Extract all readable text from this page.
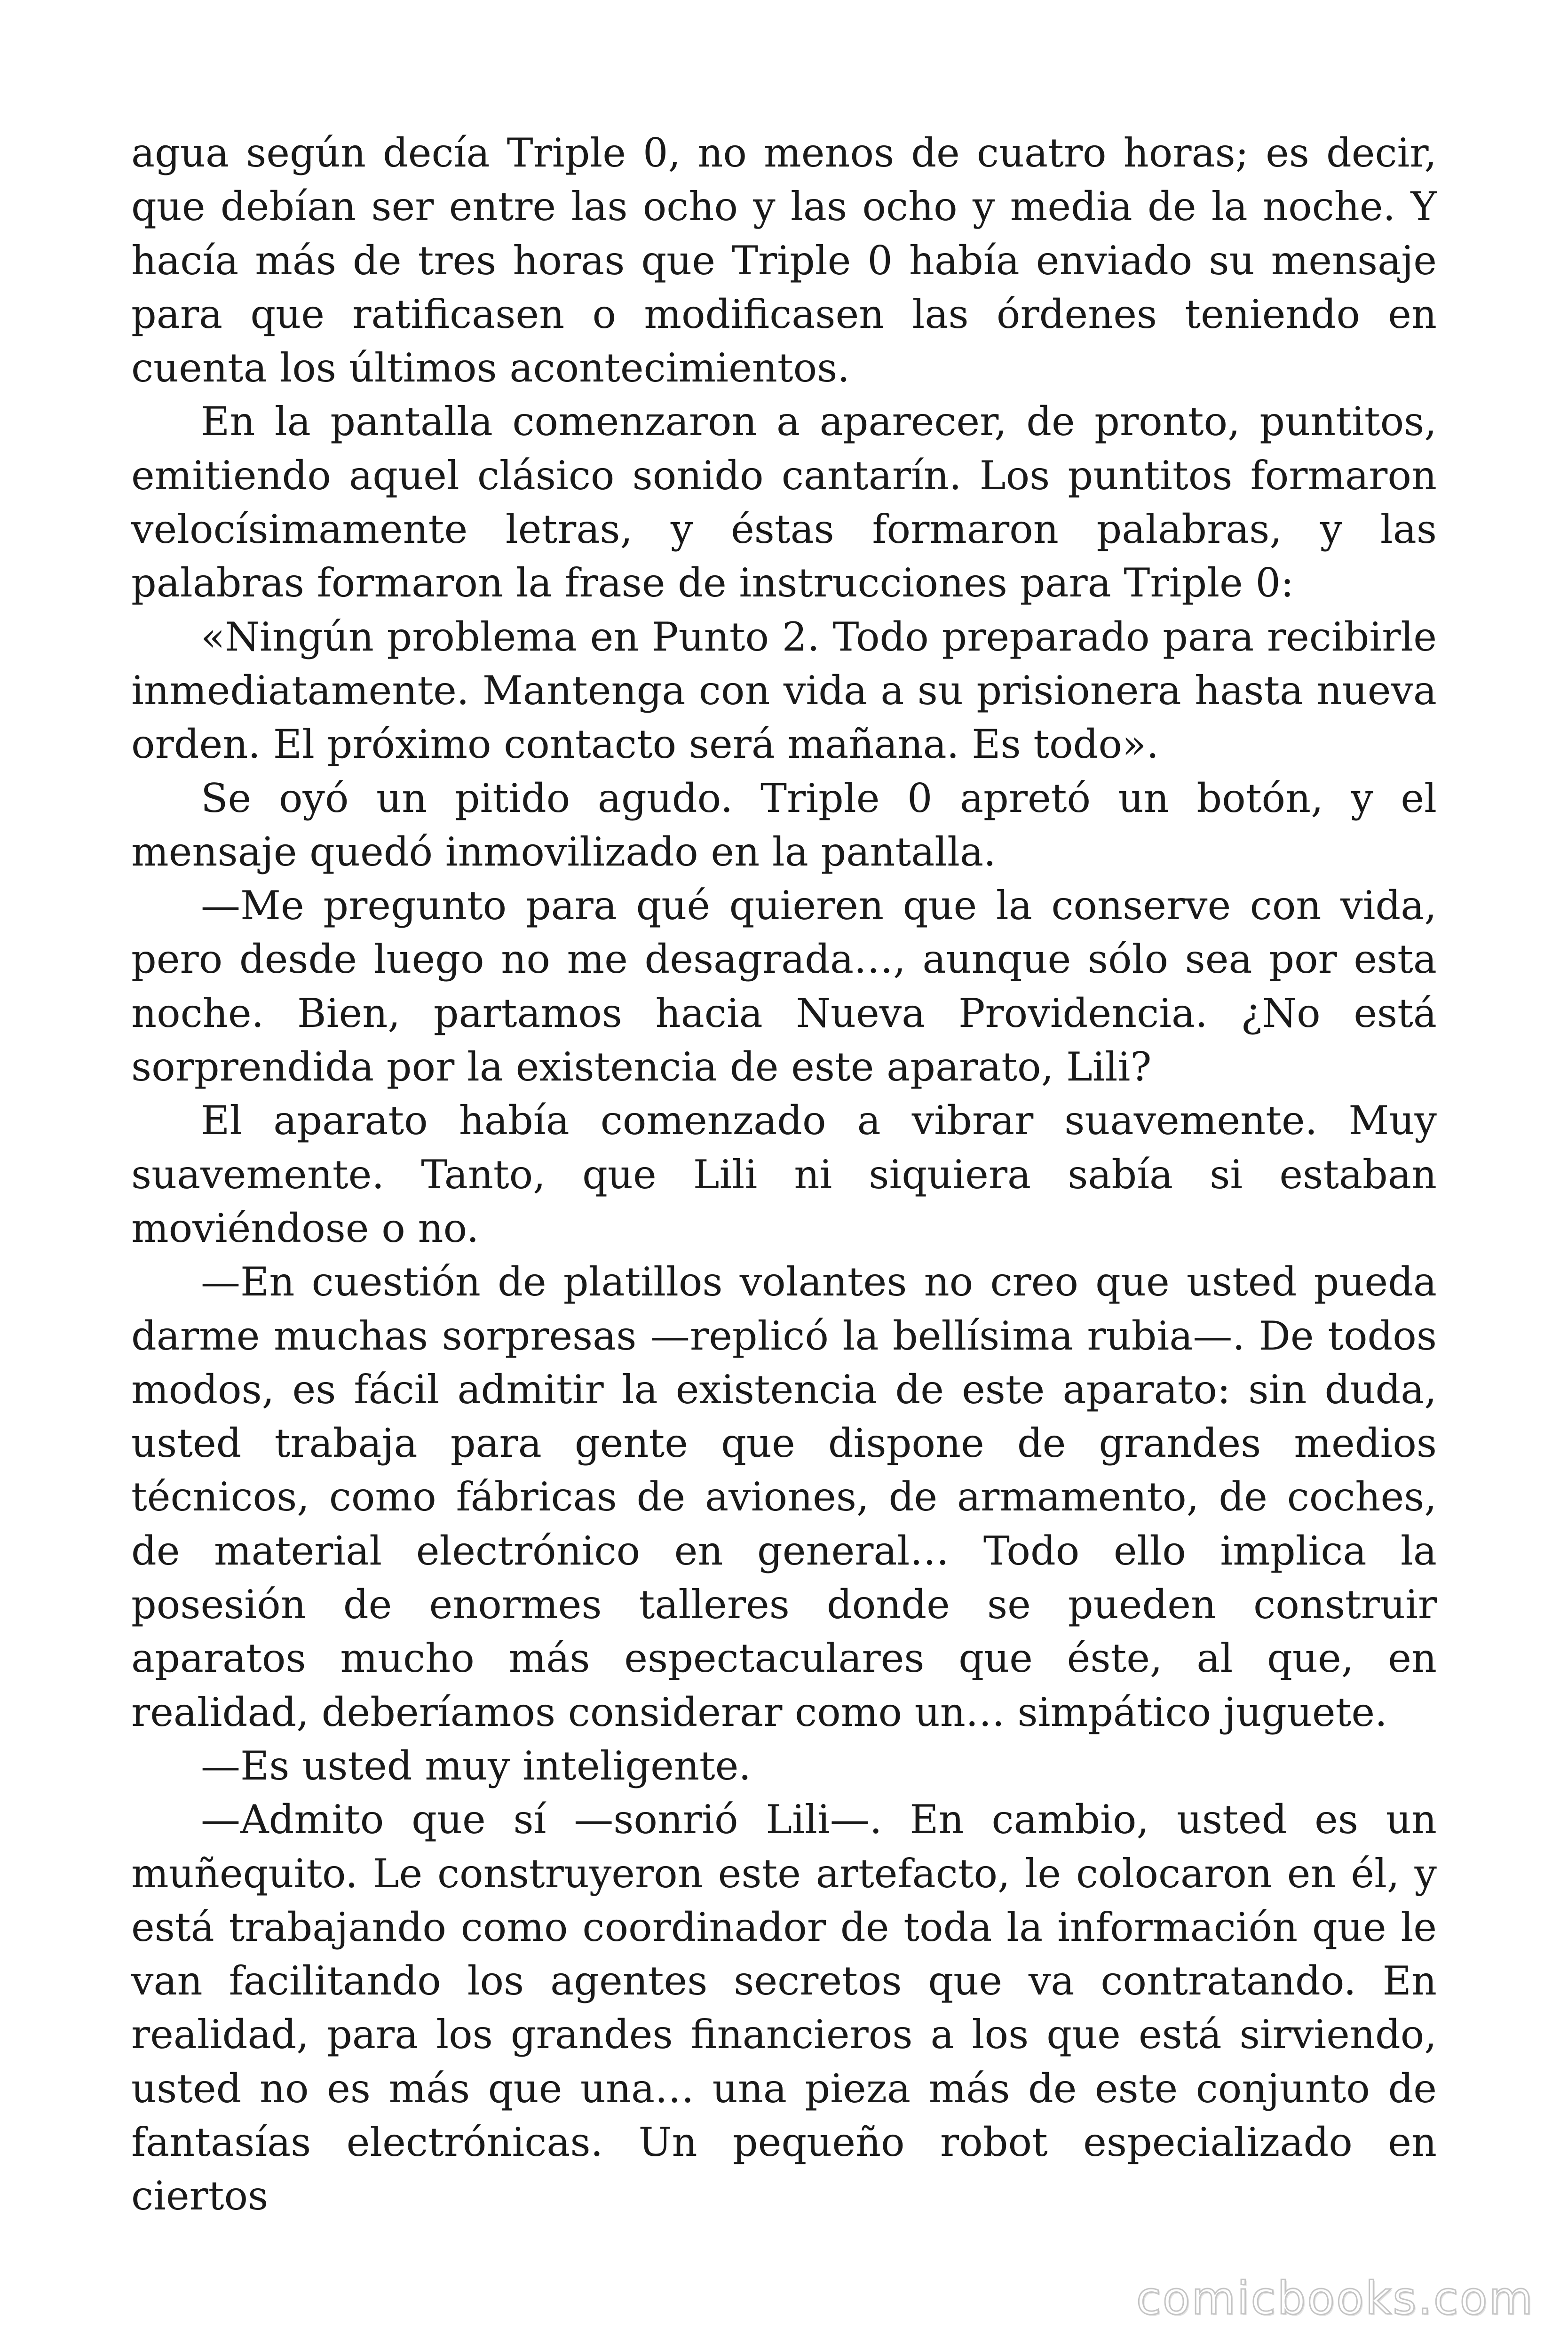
agua según decía Triple 0, no menos de cuatro horas; es decir, que debían ser entre las ocho y las ocho y media de la noche. Y hacía más de tres horas que Triple 0 había enviado su mensaje para que ratificasen o modificasen las órdenes teniendo en cuenta los últimos acontecimientos.

En la pantalla comenzaron a aparecer, de pronto, puntitos, emitiendo aquel clásico sonido cantarín. Los puntitos formaron velocísimamente letras, y éstas formaron palabras, y las palabras formaron la frase de instrucciones para Triple 0:

«Ningún problema en Punto 2. Todo preparado para recibirle inmediatamente. Mantenga con vida a su prisionera hasta nueva orden. El próximo contacto será mañana. Es todo».

Se oyó un pitido agudo. Triple 0 apretó un botón, y el mensaje quedó inmovilizado en la pantalla.

—Me pregunto para qué quieren que la conserve con vida, pero desde luego no me desagrada…, aunque sólo sea por esta noche. Bien, partamos hacia Nueva Providencia. ¿No está sorprendida por la existencia de este aparato, Lili?

El aparato había comenzado a vibrar suavemente. Muy suavemente. Tanto, que Lili ni siquiera sabía si estaban moviéndose o no.

—En cuestión de platillos volantes no creo que usted pueda darme muchas sorpresas —replicó la bellísima rubia—. De todos modos, es fácil admitir la existencia de este aparato: sin duda, usted trabaja para gente que dispone de grandes medios técnicos, como fábricas de aviones, de armamento, de coches, de material electrónico en general… Todo ello implica la posesión de enormes talleres donde se pueden construir aparatos mucho más espectaculares que éste, al que, en realidad, deberíamos considerar como un… simpático juguete.

—Es usted muy inteligente.

—Admito que sí —sonrió Lili—. En cambio, usted es un muñequito. Le construyeron este artefacto, le colocaron en él, y está trabajando como coordinador de toda la información que le van facilitando los agentes secretos que va contratando. En realidad, para los grandes financieros a los que está sirviendo, usted no es más que una… una pieza más de este conjunto de fantasías electrónicas. Un pequeño robot especializado en ciertos

comicbooks.com
